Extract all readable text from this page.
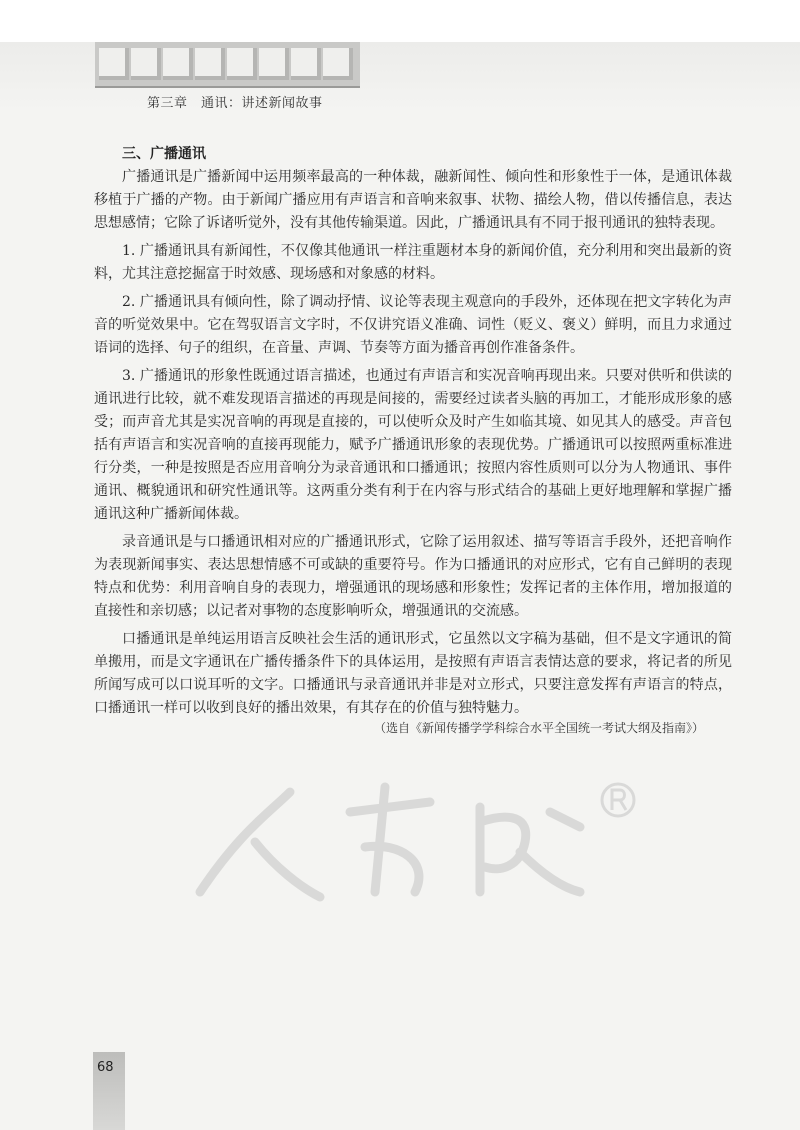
第三章　通讯：讲述新闻故事
三、广播通讯

广播通讯是广播新闻中运用频率最高的一种体裁，融新闻性、倾向性和形象性于一体，是通讯体裁移植于广播的产物。由于新闻广播应用有声语言和音响来叙事、状物、描绘人物，借以传播信息，表达思想感情；它除了诉诸听觉外，没有其他传输渠道。因此，广播通讯具有不同于报刊通讯的独特表现。

1. 广播通讯具有新闻性，不仅像其他通讯一样注重题材本身的新闻价值，充分利用和突出最新的资料，尤其注意挖掘富于时效感、现场感和对象感的材料。

2. 广播通讯具有倾向性，除了调动抒情、议论等表现主观意向的手段外，还体现在把文字转化为声音的听觉效果中。它在驾驭语言文字时，不仅讲究语义准确、词性（贬义、褒义）鲜明，而且力求通过语词的选择、句子的组织，在音量、声调、节奏等方面为播音再创作准备条件。

3. 广播通讯的形象性既通过语言描述，也通过有声语言和实况音响再现出来。只要对供听和供读的通讯进行比较，就不难发现语言描述的再现是间接的，需要经过读者头脑的再加工，才能形成形象的感受；而声音尤其是实况音响的再现是直接的，可以使听众及时产生如临其境、如见其人的感受。声音包括有声语言和实况音响的直接再现能力，赋予广播通讯形象的表现优势。广播通讯可以按照两重标准进行分类，一种是按照是否应用音响分为录音通讯和口播通讯；按照内容性质则可以分为人物通讯、事件通讯、概貌通讯和研究性通讯等。这两重分类有利于在内容与形式结合的基础上更好地理解和掌握广播通讯这种广播新闻体裁。

录音通讯是与口播通讯相对应的广播通讯形式，它除了运用叙述、描写等语言手段外，还把音响作为表现新闻事实、表达思想情感不可或缺的重要符号。作为口播通讯的对应形式，它有自己鲜明的表现特点和优势：利用音响自身的表现力，增强通讯的现场感和形象性；发挥记者的主体作用，增加报道的直接性和亲切感；以记者对事物的态度影响听众，增强通讯的交流感。

口播通讯是单纯运用语言反映社会生活的通讯形式，它虽然以文字稿为基础，但不是文字通讯的简单搬用，而是文字通讯在广播传播条件下的具体运用，是按照有声语言表情达意的要求，将记者的所见所闻写成可以口说耳听的文字。口播通讯与录音通讯并非是对立形式，只要注意发挥有声语言的特点，口播通讯一样可以收到良好的播出效果，有其存在的价值与独特魅力。

（选自《新闻传播学学科综合水平全国统一考试大纲及指南》）
68
